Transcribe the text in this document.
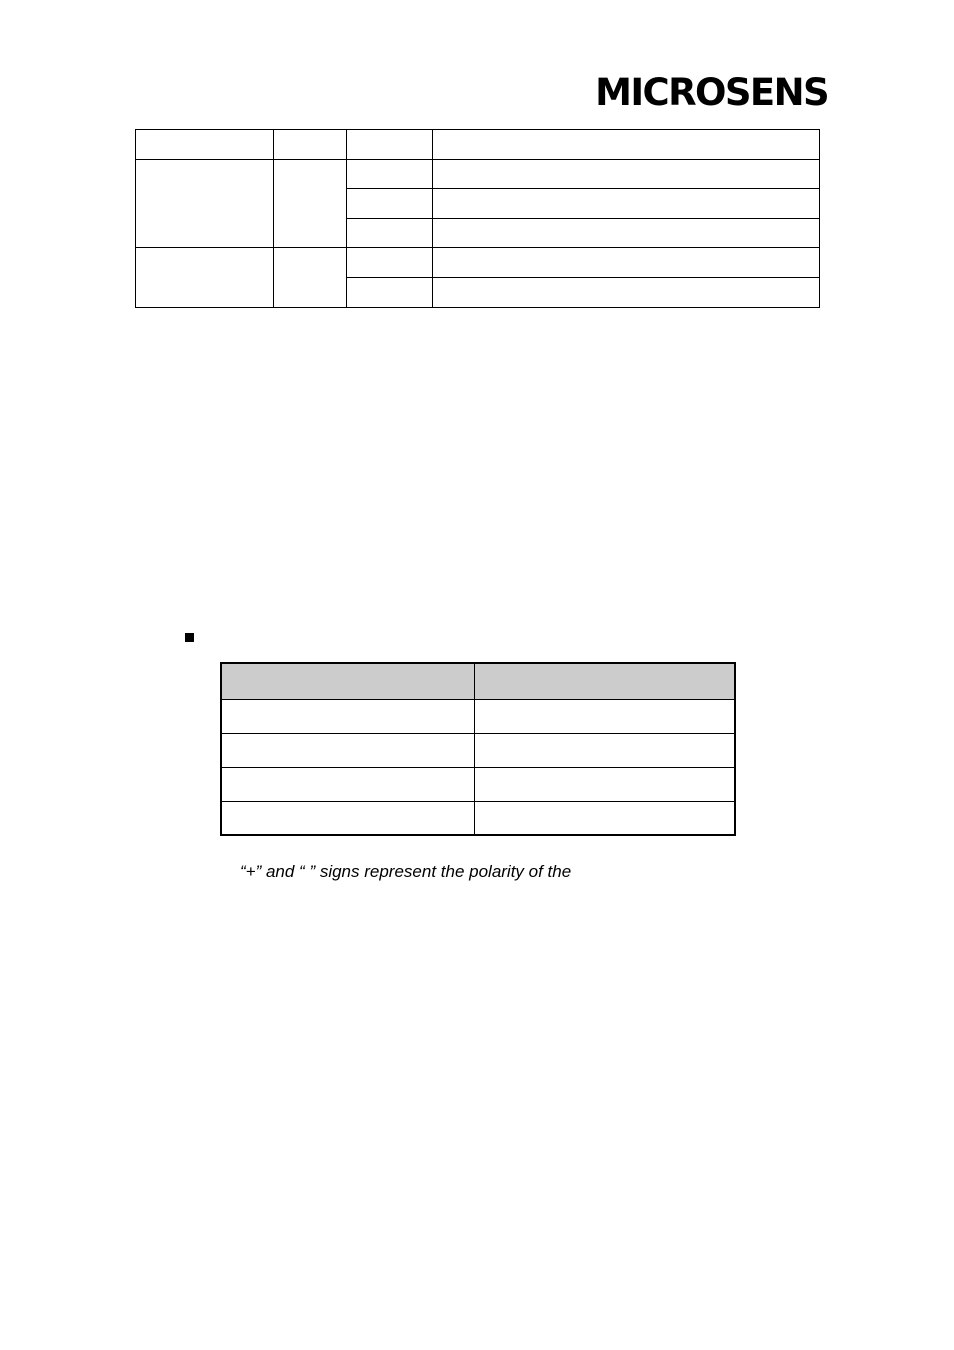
MICROSENS

“+” and “ ” signs represent the polarity of the
